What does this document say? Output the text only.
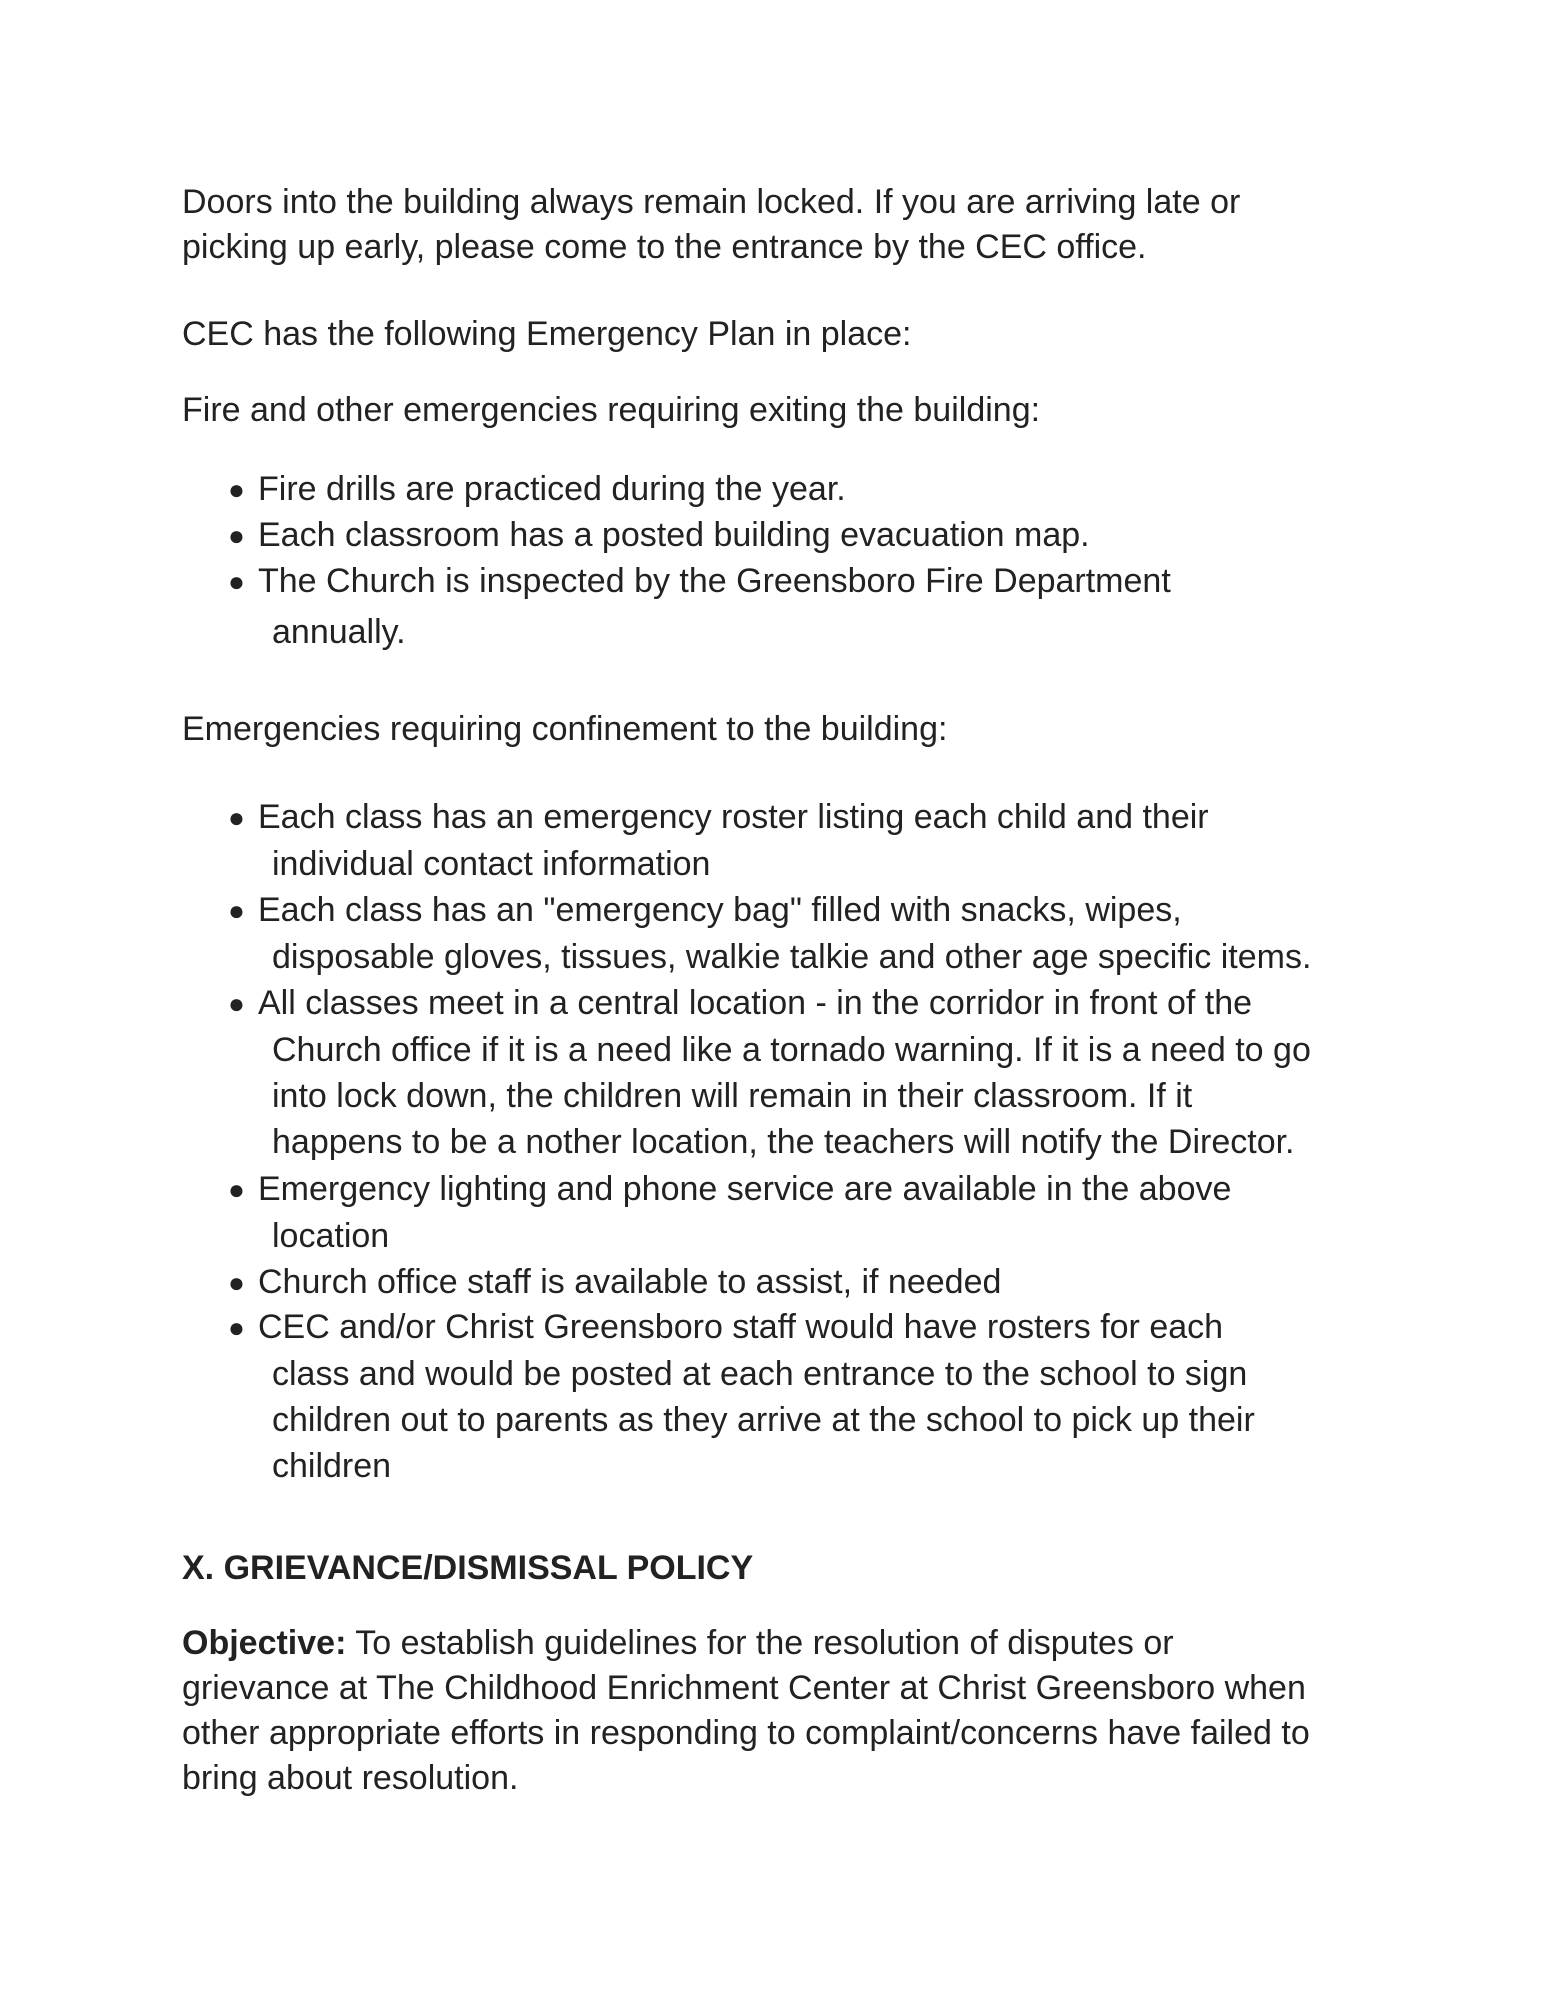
Doors into the building always remain locked. If you are arriving late or
picking up early, please come to the entrance by the CEC office.

CEC has the following Emergency Plan in place:

Fire and other emergencies requiring exiting the building:

● Fire drills are practiced during the year.
● Each classroom has a posted building evacuation map.
● The Church is inspected by the Greensboro Fire Department
annually.

Emergencies requiring confinement to the building:

● Each class has an emergency roster listing each child and their
individual contact information
● Each class has an "emergency bag" filled with snacks, wipes,
disposable gloves, tissues, walkie talkie and other age specific items.
● All classes meet in a central location - in the corridor in front of the
Church office if it is a need like a tornado warning. If it is a need to go
into lock down, the children will remain in their classroom. If it
happens to be a nother location, the teachers will notify the Director.
● Emergency lighting and phone service are available in the above
location
● Church office staff is available to assist, if needed
● CEC and/or Christ Greensboro staff would have rosters for each
class and would be posted at each entrance to the school to sign
children out to parents as they arrive at the school to pick up their
children
X. GRIEVANCE/DISMISSAL POLICY

Objective: To establish guidelines for the resolution of disputes or
grievance at The Childhood Enrichment Center at Christ Greensboro when
other appropriate efforts in responding to complaint/concerns have failed to
bring about resolution.
